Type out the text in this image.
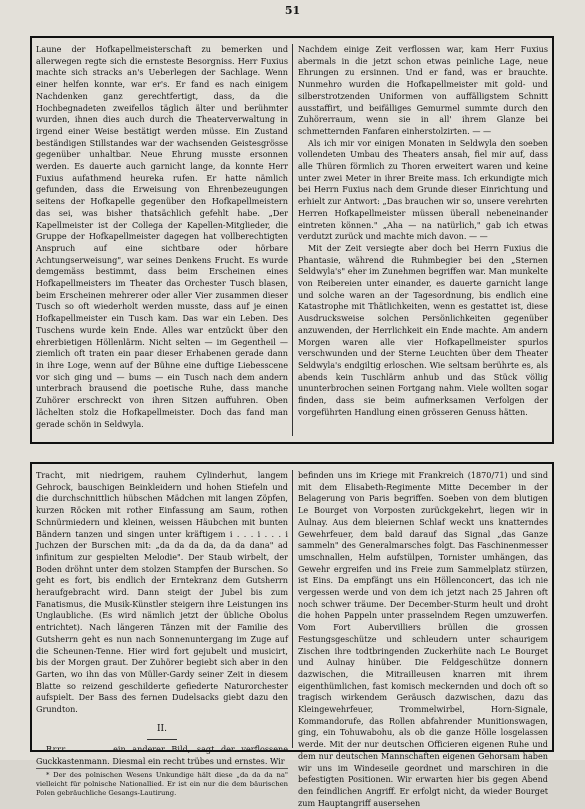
51

Laune der Hofkapellmeisterschaft zu bemerken und allerwegen regte sich die ernsteste Besorgniss. Herr Fuxius machte sich stracks an's Ueberlegen der Sachlage. Wenn einer helfen konnte, war er's. Er fand es nach einigem Nachdenken ganz gerechtfertigt, dass, da die Hochbegnadeten zweifellos täglich älter und berühmter wurden, ihnen dies auch durch die Theaterverwaltung in irgend einer Weise bestätigt werden müsse. Ein Zustand beständigen Stillstandes war der wachsenden Geistesgrösse gegenüber unhaltbar. Neue Ehrung musste ersonnen werden. Es dauerte auch garnicht lange, da konnte Herr Fuxius aufathmend heureka rufen. Er hatte nämlich gefunden, dass die Erweisung von Ehrenbezeugungen seitens der Hofkapelle gegenüber den Hofkapellmeistern das sei, was bisher thatsächlich gefehlt habe. „Der Kapellmeister ist der Collega der Kapellen-Mitglieder, die Gruppe der Hofkapellmeister dagegen hat vollberechtigten Anspruch auf eine sichtbare oder hörbare Achtungserweisung", war seines Denkens Frucht. Es wurde demgemäss bestimmt, dass beim Erscheinen eines Hofkapellmeisters im Theater das Orchester Tusch blasen, beim Erscheinen mehrerer oder aller Vier zusammen dieser Tusch so oft wiederholt werden musste, dass auf je einen Hofkapellmeister ein Tusch kam. Das war ein Leben. Des Tuschens wurde kein Ende. Alles war entzückt über den ehrerbietigen Höllenlärm. Nicht selten — im Gegentheil — ziemlich oft traten ein paar dieser Erhabenen gerade dann in ihre Loge, wenn auf der Bühne eine duftige Liebesscene vor sich ging und — bums — ein Tusch nach dem andern unterbrach brausend die poetische Ruhe, dass manche Zuhörer erschreckt von ihren Sitzen auffuhren. Oben lächelten stolz die Hofkapellmeister. Doch das fand man gerade schön in Seldwyla.

Nachdem einige Zeit verflossen war, kam Herr Fuxius abermals in die jetzt schon etwas peinliche Lage, neue Ehrungen zu ersinnen. Und er fand, was er brauchte. Nunmehro wurden die Hofkapellmeister mit gold- und silberstrotzenden Uniformen von auffälligstem Schnitt ausstaffirt, und beifälliges Gemurmel summte durch den Zuhörerraum, wenn sie in all' ihrem Glanze bei schmetternden Fanfaren einherstolzirten. — —

Als ich mir vor einigen Monaten in Seldwyla den soeben vollendeten Umbau des Theaters ansah, fiel mir auf, dass alle Thüren förmlich zu Thoren erweitert waren und keine unter zwei Meter in ihrer Breite mass. Ich erkundigte mich bei Herrn Fuxius nach dem Grunde dieser Einrichtung und erhielt zur Antwort: „Das brauchen wir so, unsere verehrten Herren Hofkapellmeister müssen überall nebeneinander eintreten können." „Aha — na natürlich," gab ich etwas verdutzt zurück und machte mich davon. — —

Mit der Zeit versiegte aber doch bei Herrn Fuxius die Phantasie, während die Ruhmbegier bei den „Sternen Seldwyla's" eher im Zunehmen begriffen war. Man munkelte von Reibereien unter einander, es dauerte garnicht lange und solche waren an der Tagesordnung, bis endlich eine Katastrophe mit Thätlichkeiten, wenn es gestattet ist, diese Ausdrucksweise solchen Persönlichkeiten gegenüber anzuwenden, der Herrlichkeit ein Ende machte. Am andern Morgen waren alle vier Hofkapellmeister spurlos verschwunden und der Sterne Leuchten über dem Theater Seldwyla's endgiltig erloschen. Wie seltsam berührte es, als abends kein Tuschlärm anhub und das Stück völlig ununterbrochen seinen Fortgang nahm. Viele wollten sogar finden, dass sie beim aufmerksamen Verfolgen der vorgeführten Handlung einen grösseren Genuss hätten.

Tracht, mit niedrigem, rauhem Cylinderhut, langem Gehrock, bauschigen Beinkleidern und hohen Stiefeln und die durchschnittlich hübschen Mädchen mit langen Zöpfen, kurzen Röcken mit rother Einfassung am Saum, rothen Schnürmiedern und kleinen, weissen Häubchen mit bunten Bändern tanzen und singen unter kräftigem i . . . i . . . i Juchzen der Burschen mit: „da da da da, da da dana" ad infinitum zur gespielten Melodie". Der Staub wirbelt, der Boden dröhnt unter dem stolzen Stampfen der Burschen. So geht es fort, bis endlich der Erntekranz dem Gutsherrn heraufgebracht wird. Dann steigt der Jubel bis zum Fanatismus, die Musik-Künstler steigern ihre Leistungen ins Unglaubliche. (Es wird nämlich jetzt der übliche Obolus entrichtet). Nach längeren Tänzen mit der Familie des Gutsherrn geht es nun nach Sonnenuntergang im Zuge auf die Scheunen-Tenne. Hier wird fort gejubelt und musicirt, bis der Morgen graut. Der Zuhörer begiebt sich aber in den Garten, wo ihn das von Müller-Gardy seiner Zeit in diesem Blatte so reizend geschilderte gefiederte Naturorchester aufspielt. Der Bass des fernen Dudelsacks giebt dazu den Grundton.

II.

Rrrr . . . . ein anderer Bild, sagt der verflossene Guckkastenmann. Diesmal ein recht trübes und ernstes. Wir

* Der des polnischen Wesens Unkundige hält diese „da da da na" vielleicht für polnische Nationallied. Er ist ein nur die dem bäurischen Polen gebräuchliche Gesangs-Lautirung.

befinden uns im Kriege mit Frankreich (1870/71) und sind mit dem Elisabeth-Regimente Mitte December in der Belagerung von Paris begriffen. Soeben von dem blutigen Le Bourget von Vorposten zurückgekehrt, liegen wir in Aulnay. Aus dem bleiernen Schlaf weckt uns knatterndes Gewehrfeuer, dem bald darauf das Signal „das Ganze sammeln" des Generalmarsches folgt. Das Faschinenmesser umschnallen, Helm aufstülpen, Tornister umhängen, das Gewehr ergreifen und ins Freie zum Sammelplatz stürzen, ist Eins. Da empfängt uns ein Höllenconcert, das ich nie vergessen werde und von dem ich jetzt nach 25 Jahren oft noch schwer träume. Der December-Sturm heult und droht die hohen Pappeln unter prasselndem Regen umzuwerfen. Vom Fort Aubervilliers brüllen die grossen Festungsgeschütze und schleudern unter schaurigem Zischen ihre todtbringenden Zuckerhüte nach Le Bourget und Aulnay hinüber. Die Feldgeschütze donnern dazwischen, die Mitrailleusen knarren mit ihrem eigenthümlichen, fast komisch meckernden und doch oft so tragisch wirkendem Geräusch dazwischen, dazu das Kleingewehrfeuer, Trommelwirbel, Horn-Signale, Kommandorufe, das Rollen abfahrender Munitionswagen, ging, ein Tohuwabohu, als ob die ganze Hölle losgelassen werde. Mit der nur deutschen Officieren eigenen Ruhe und dem nur deutschen Mannschaften eigenen Gehorsam haben wir uns im Windeseile geordnet und marschiren in die befestigten Positionen. Wir erwarten hier bis gegen Abend den feindlichen Angriff. Er erfolgt nicht, da wieder Bourget zum Hauptangriff ausersehen
